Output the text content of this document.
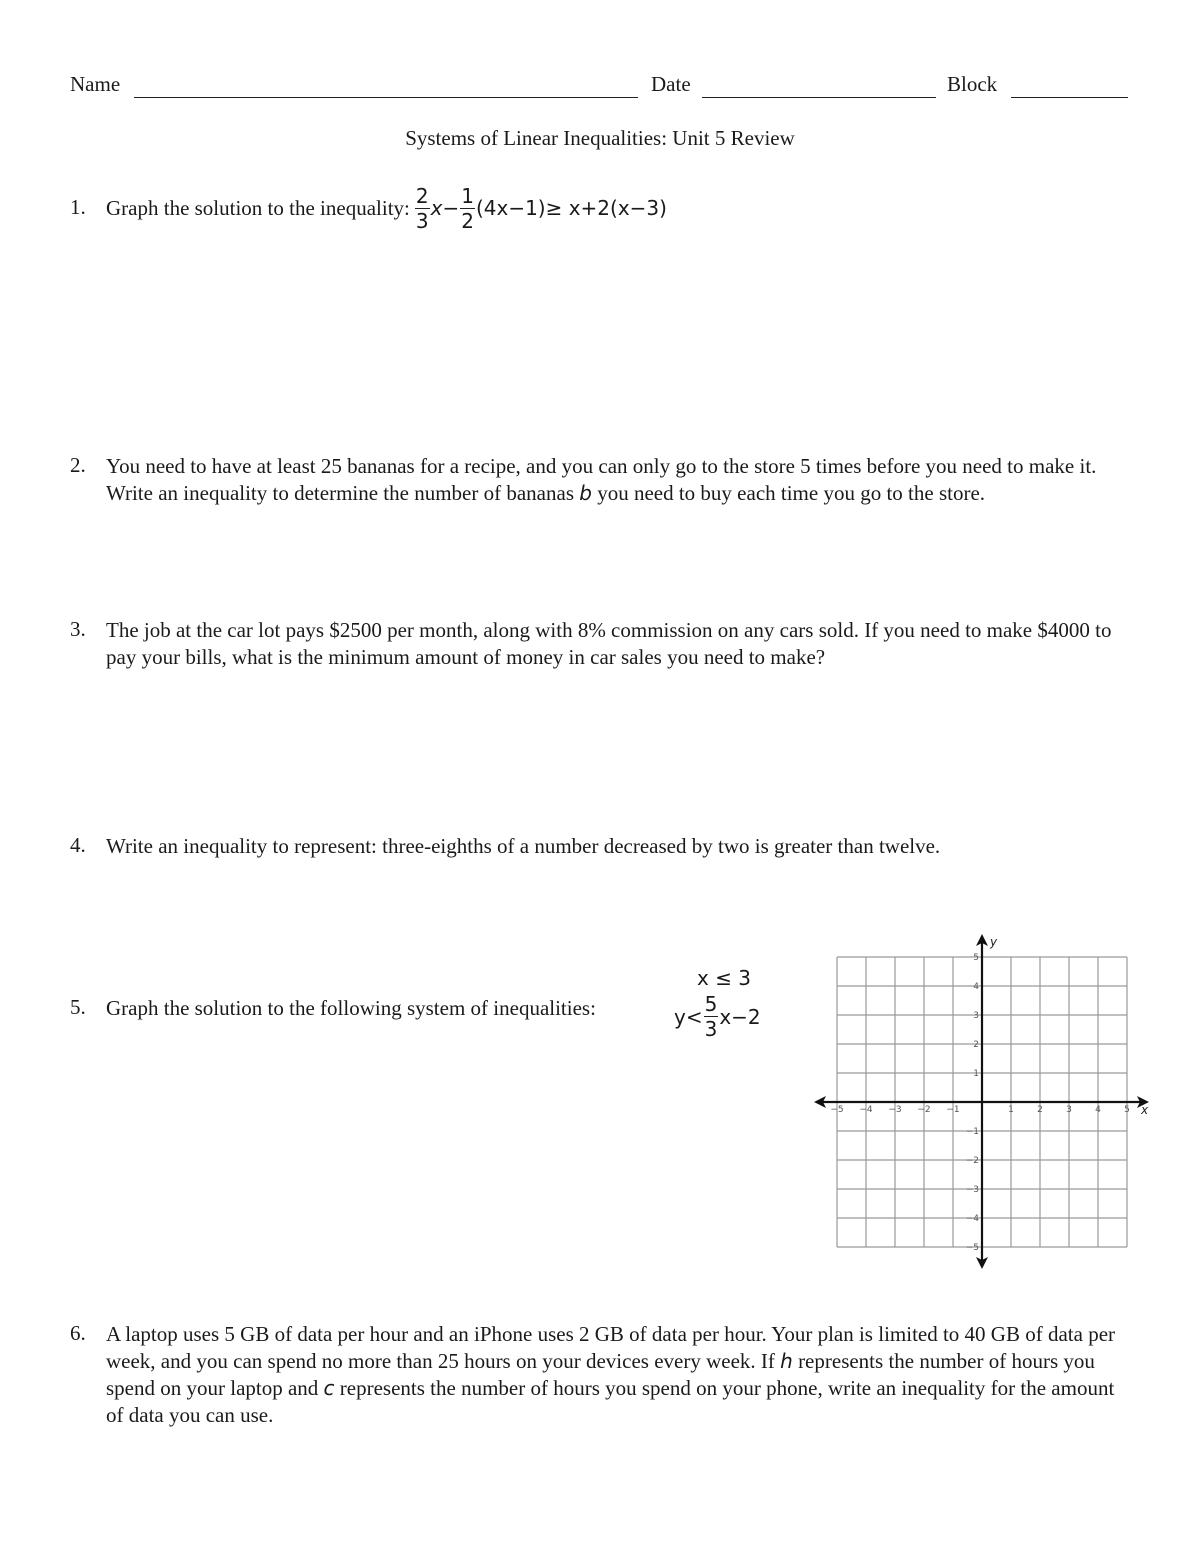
Name	Date	Block
Systems of Linear Inequalities: Unit 5 Review
1. Graph the solution to the inequality: $\frac{2}{3}$ $x - \frac{1}{2} (4x-1)\ge x+2(x-3)$
2. You need to have at least 25 bananas for a recipe, and you can only go to the store 5 times before you need to make it. Write an inequality to determine the number of bananas b you need to buy each time you go to the store.
3. The job at the car lot pays $2500 per month, along with 8% commission on any cars sold. If you need to make $4000 to pay your bills, what is the minimum amount of money in car sales you need to make?
4. Write an inequality to represent: three-eighths of a number decreased by two is greater than twelve.
5. Graph the solution to the following system of inequalities:
x ≤ 3
$y< \frac{5}{3} x-2$
−5 −4 −3 −2 −1	1	2	3	4	5
5
4
3
2
1
−1
−2
−3
−4
−5
x
y
6. A laptop uses 5 GB of data per hour and an iPhone uses 2 GB of data per hour. Your plan is limited to 40 GB of data per week, and you can spend no more than 25 hours on your devices every week. If h represents the number of hours you spend on your laptop and c represents the number of hours you spend on your phone, write an inequality for the amount of data you can use.
